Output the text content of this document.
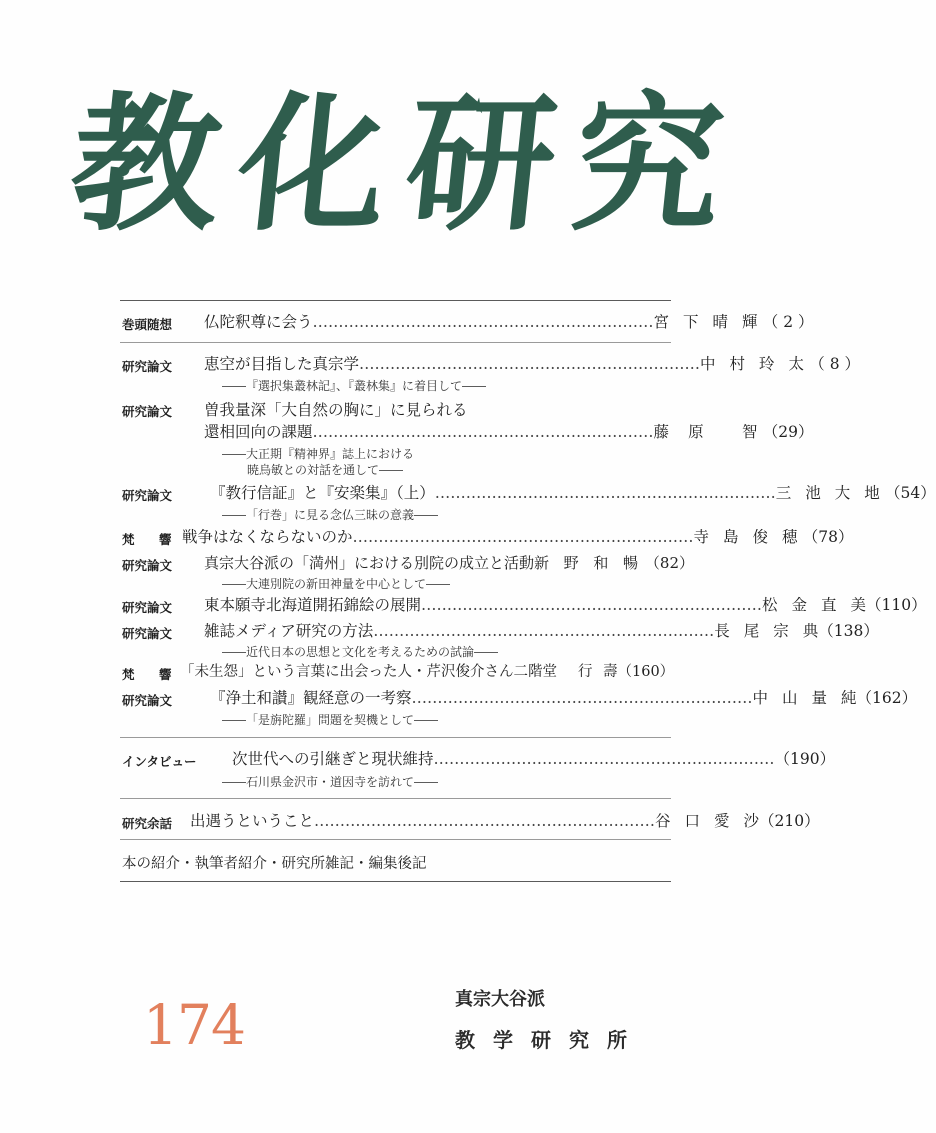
教 化 研 究
巻頭随想 仏陀釈尊に会う ………………………………………………………… 宮 下 晴 輝 （ 2 ）
研究論文 恵空が目指した真宗学 ………………………………………………………… 中 村 玲 太 （ 8 ）
――『選択集叢林記』、『叢林集』に着目して――
研究論文 曽我量深「大自然の胸に」に見られる
還相回向の課題 ………………………………………………………… 藤 原 智 （29）
――大正期『精神界』誌上における
暁烏敏との対話を通して――
研究論文 『教行信証』と『安楽集』（上） ………………………………………………………… 三 池 大 地 （54）
――「行巻」に見る念仏三昧の意義――
梵　響 戦争はなくならないのか ………………………………………………………… 寺 島 俊 穂 （78）
研究論文 真宗大谷派の「満州」における別院の成立と活動 新 野 和 暢 （82）
――大連別院の新田神量を中心として――
研究論文 東本願寺北海道開拓錦絵の展開 ………………………………………………………… 松 金 直 美 （110）
研究論文 雑誌メディア研究の方法 ………………………………………………………… 長 尾 宗 典 （138）
――近代日本の思想と文化を考えるための試論――
梵　響 「未生怨」という言葉に出会った人・芹沢俊介さん 二階堂 行 壽 （160）
研究論文 『浄土和讃』観経意の一考察 ………………………………………………………… 中 山 量 純 （162）
――「是旃陀羅」問題を契機として――
インタビュー 次世代への引継ぎと現状維持 ………………………………………………………… （190）
――石川県金沢市・道因寺を訪れて――
研究余話 出遇うということ ………………………………………………………… 谷 口 愛 沙 （210）
本の紹介・執筆者紹介・研究所雑記・編集後記
174	真宗大谷派
教学研究所
